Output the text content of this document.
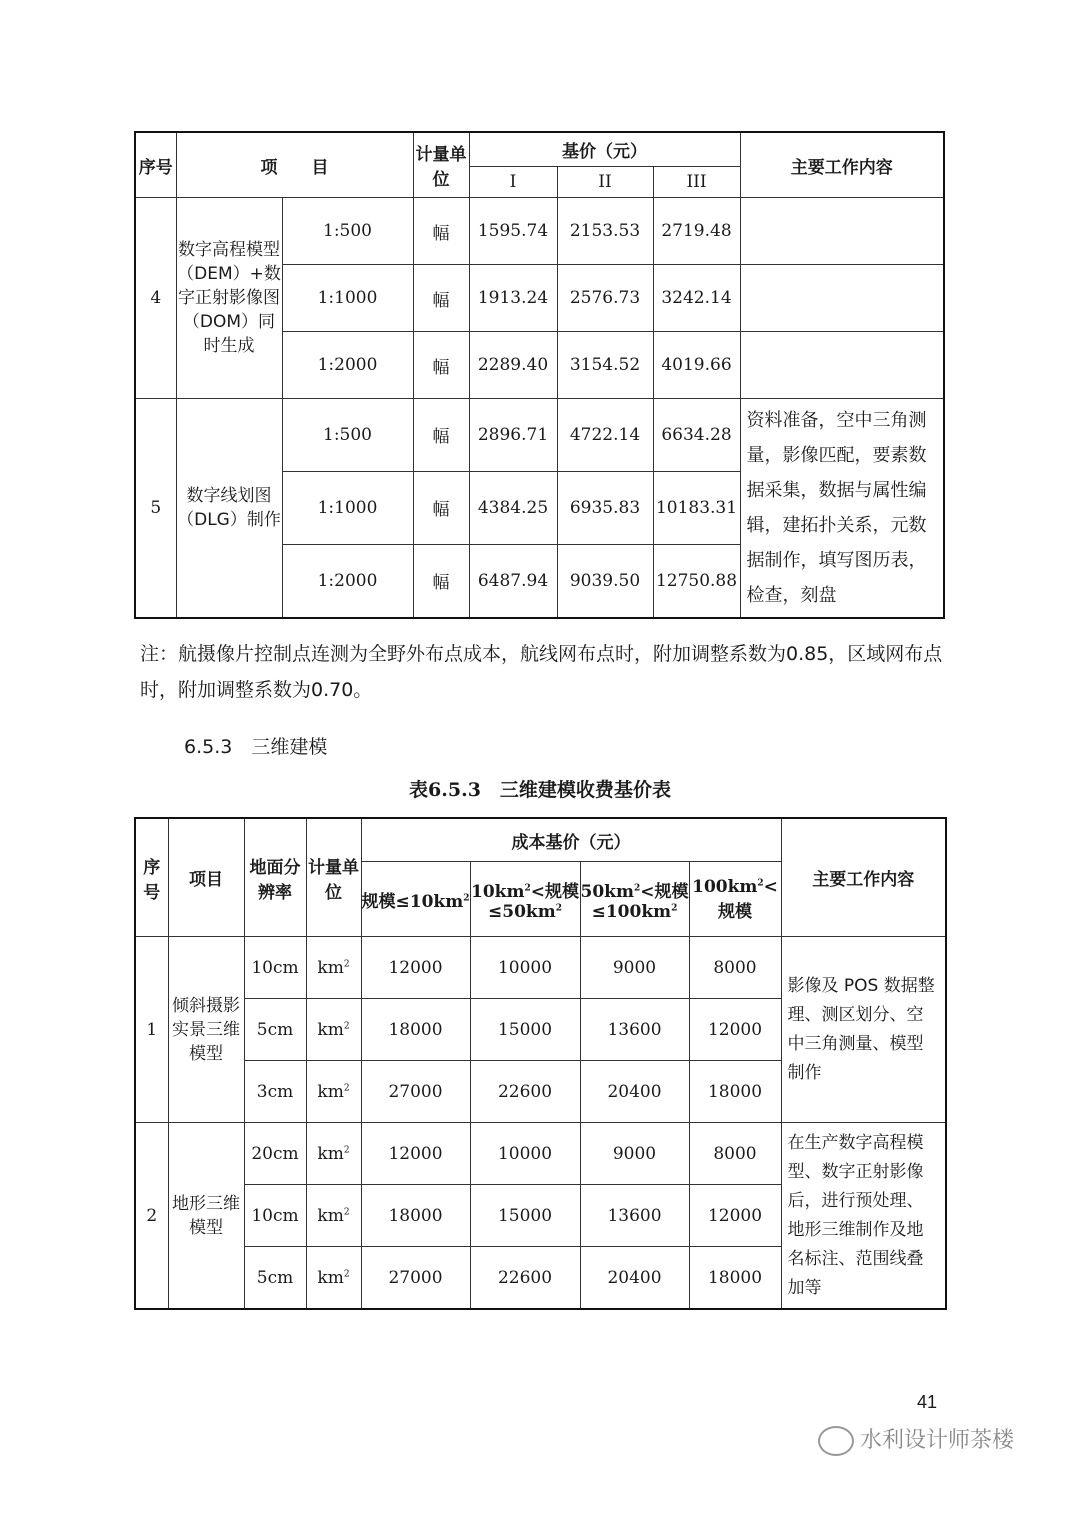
序号	项　　目		计量单位	基价（元）			主要工作内容
				I	II	III	
4	数字高程模型（DEM）+数字正射影像图（DOM）同时生成	1:500	幅	1595.74	2153.53	2719.48	
		1:1000	幅	1913.24	2576.73	3242.14	
		1:2000	幅	2289.40	3154.52	4019.66	
5	数字线划图（DLG）制作	1:500	幅	2896.71	4722.14	6634.28	资料准备，空中三角测量，影像匹配，要素数据采集，数据与属性编辑，建拓扑关系，元数据制作，填写图历表，检查，刻盘
		1:1000	幅	4384.25	6935.83	10183.31	
		1:2000	幅	6487.94	9039.50	12750.88	
注：航摄像片控制点连测为全野外布点成本，航线网布点时，附加调整系数为0.85，区域网布点时，附加调整系数为0.70。
6.5.3　三维建模
表6.5.3　三维建模收费基价表
序号	项目	地面分辨率	计量单位	成本基价（元）				主要工作内容
				规模$\le 10km^2$	$10km^2<$规模$\le 50km^2$	$50km^2<$规模$\le 100km^2$	$100km^2<$规模	
1	倾斜摄影实景三维模型	10cm	$km^2$	12000	10000	9000	8000	影像及 POS 数据整理、测区划分、空中三角测量、模型制作
		5cm	$km^2$	18000	15000	13600	12000	
		3cm	$km^2$	27000	22600	20400	18000	
2	地形三维模型	20cm	$km^2$	12000	10000	9000	8000	在生产数字高程模型、数字正射影像后，进行预处理、地形三维制作及地名标注、范围线叠加等
		10cm	$km^2$	18000	15000	13600	12000	
		5cm	$km^2$	27000	22600	20400	18000	
41
水利设计师茶楼
